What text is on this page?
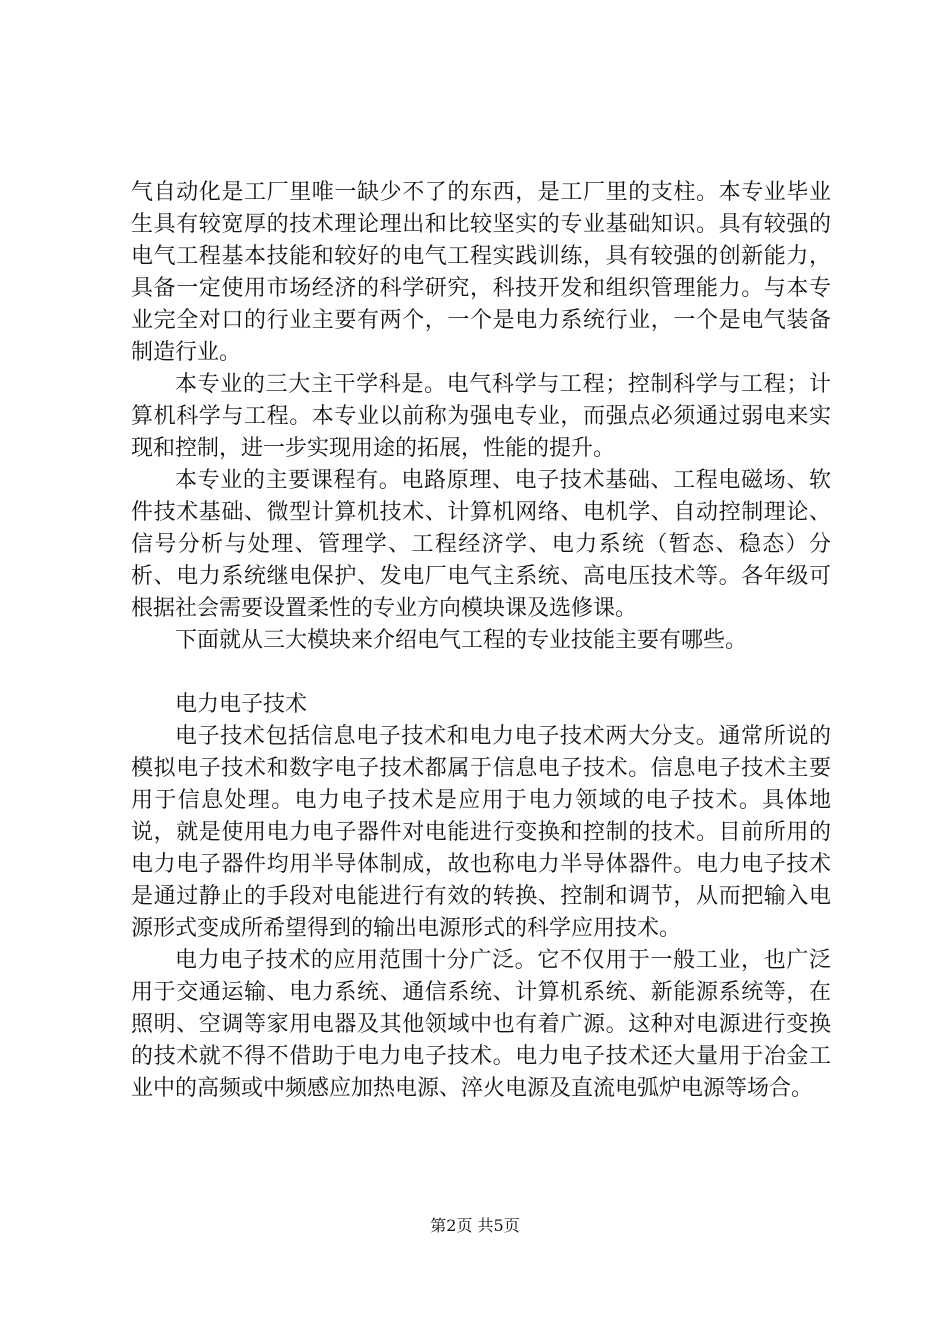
气自动化是工厂里唯一缺少不了的东西，是工厂里的支柱。本专业毕业生具有较宽厚的技术理论理出和比较坚实的专业基础知识。具有较强的电气工程基本技能和较好的电气工程实践训练，具有较强的创新能力，具备一定使用市场经济的科学研究，科技开发和组织管理能力。与本专业完全对口的行业主要有两个，一个是电力系统行业，一个是电气装备制造行业。

本专业的三大主干学科是。电气科学与工程；控制科学与工程；计算机科学与工程。本专业以前称为强电专业，而强点必须通过弱电来实现和控制，进一步实现用途的拓展，性能的提升。

本专业的主要课程有。电路原理、电子技术基础、工程电磁场、软件技术基础、微型计算机技术、计算机网络、电机学、自动控制理论、信号分析与处理、管理学、工程经济学、电力系统（暂态、稳态）分析、电力系统继电保护、发电厂电气主系统、高电压技术等。各年级可根据社会需要设置柔性的专业方向模块课及选修课。

下面就从三大模块来介绍电气工程的专业技能主要有哪些。

电力电子技术

电子技术包括信息电子技术和电力电子技术两大分支。通常所说的模拟电子技术和数字电子技术都属于信息电子技术。信息电子技术主要用于信息处理。电力电子技术是应用于电力领域的电子技术。具体地说，就是使用电力电子器件对电能进行变换和控制的技术。目前所用的电力电子器件均用半导体制成，故也称电力半导体器件。电力电子技术是通过静止的手段对电能进行有效的转换、控制和调节，从而把输入电源形式变成所希望得到的输出电源形式的科学应用技术。

电力电子技术的应用范围十分广泛。它不仅用于一般工业，也广泛用于交通运输、电力系统、通信系统、计算机系统、新能源系统等，在照明、空调等家用电器及其他领域中也有着广源。这种对电源进行变换的技术就不得不借助于电力电子技术。电力电子技术还大量用于冶金工业中的高频或中频感应加热电源、淬火电源及直流电弧炉电源等场合。

第2页 共5页
